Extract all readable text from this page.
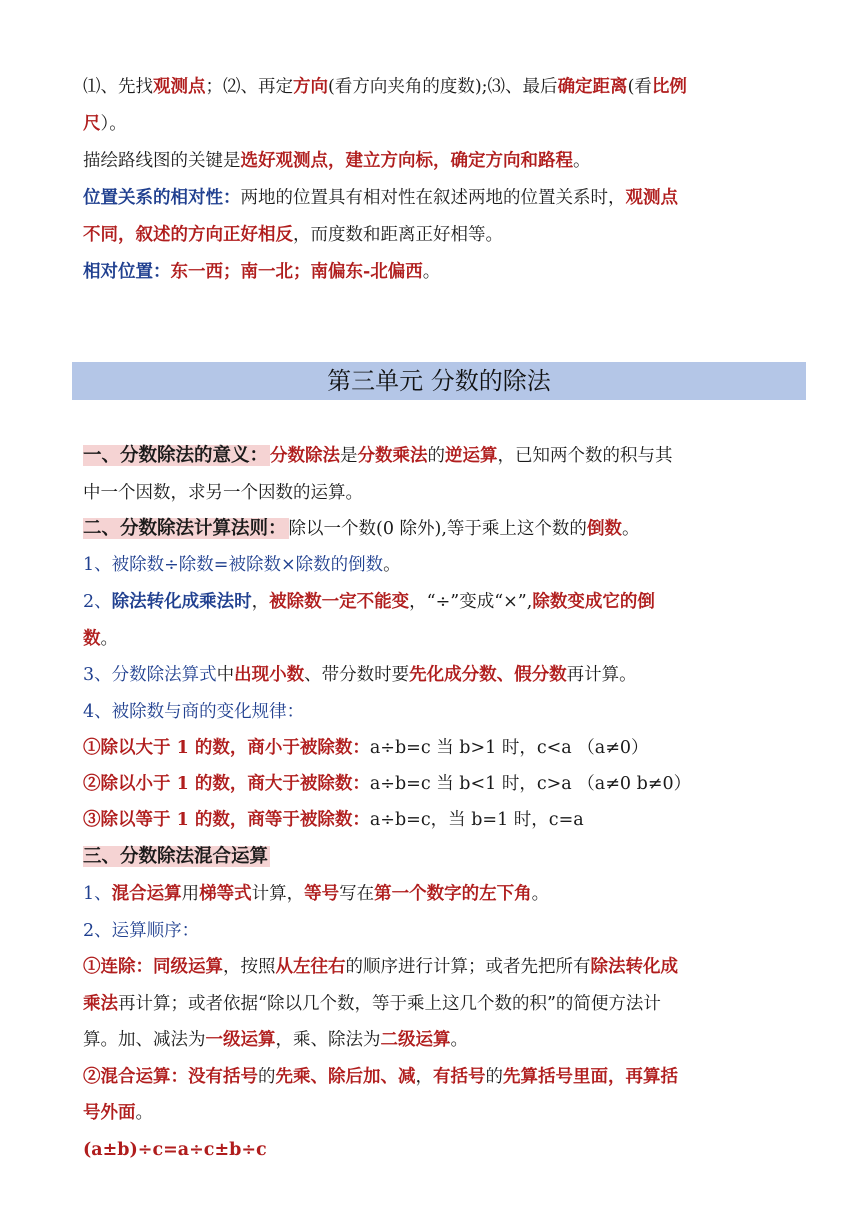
⑴、先找观测点；⑵、再定方向(看方向夹角的度数);⑶、最后确定距离(看比例
尺）。
描绘路线图的关键是选好观测点，建立方向标，确定方向和路程。
位置关系的相对性：两地的位置具有相对性在叙述两地的位置关系时，观测点
不同，叙述的方向正好相反，而度数和距离正好相等。
相对位置：东一西；南一北；南偏东-北偏西。
第三单元 分数的除法
一、分数除法的意义： 分数除法是分数乘法的逆运算，已知两个数的积与其
中一个因数，求另一个因数的运算。
二、分数除法计算法则： 除以一个数(0 除外),等于乘上这个数的倒数。
1、被除数÷除数=被除数×除数的倒数。
2、除法转化成乘法时，被除数一定不能变，“÷”变成“×”,除数变成它的倒
数。
3、分数除法算式中出现小数、带分数时要先化成分数、假分数再计算。
4、被除数与商的变化规律：
①除以大于 1 的数，商小于被除数：a÷b=c 当 b>1 时，c<a （a≠0）
②除以小于 1 的数，商大于被除数：a÷b=c 当 b<1 时，c>a （a≠0 b≠0）
③除以等于 1 的数，商等于被除数：a÷b=c，当 b=1 时，c=a
三、分数除法混合运算
1、混合运算用梯等式计算，等号写在第一个数字的左下角。
2、运算顺序：
①连除：同级运算，按照从左往右的顺序进行计算；或者先把所有除法转化成
乘法再计算；或者依据“除以几个数，等于乘上这几个数的积”的简便方法计
算。加、减法为一级运算，乘、除法为二级运算。
②混合运算：没有括号的先乘、除后加、减，有括号的先算括号里面，再算括
号外面。
(a±b)÷c=a÷c±b÷c
